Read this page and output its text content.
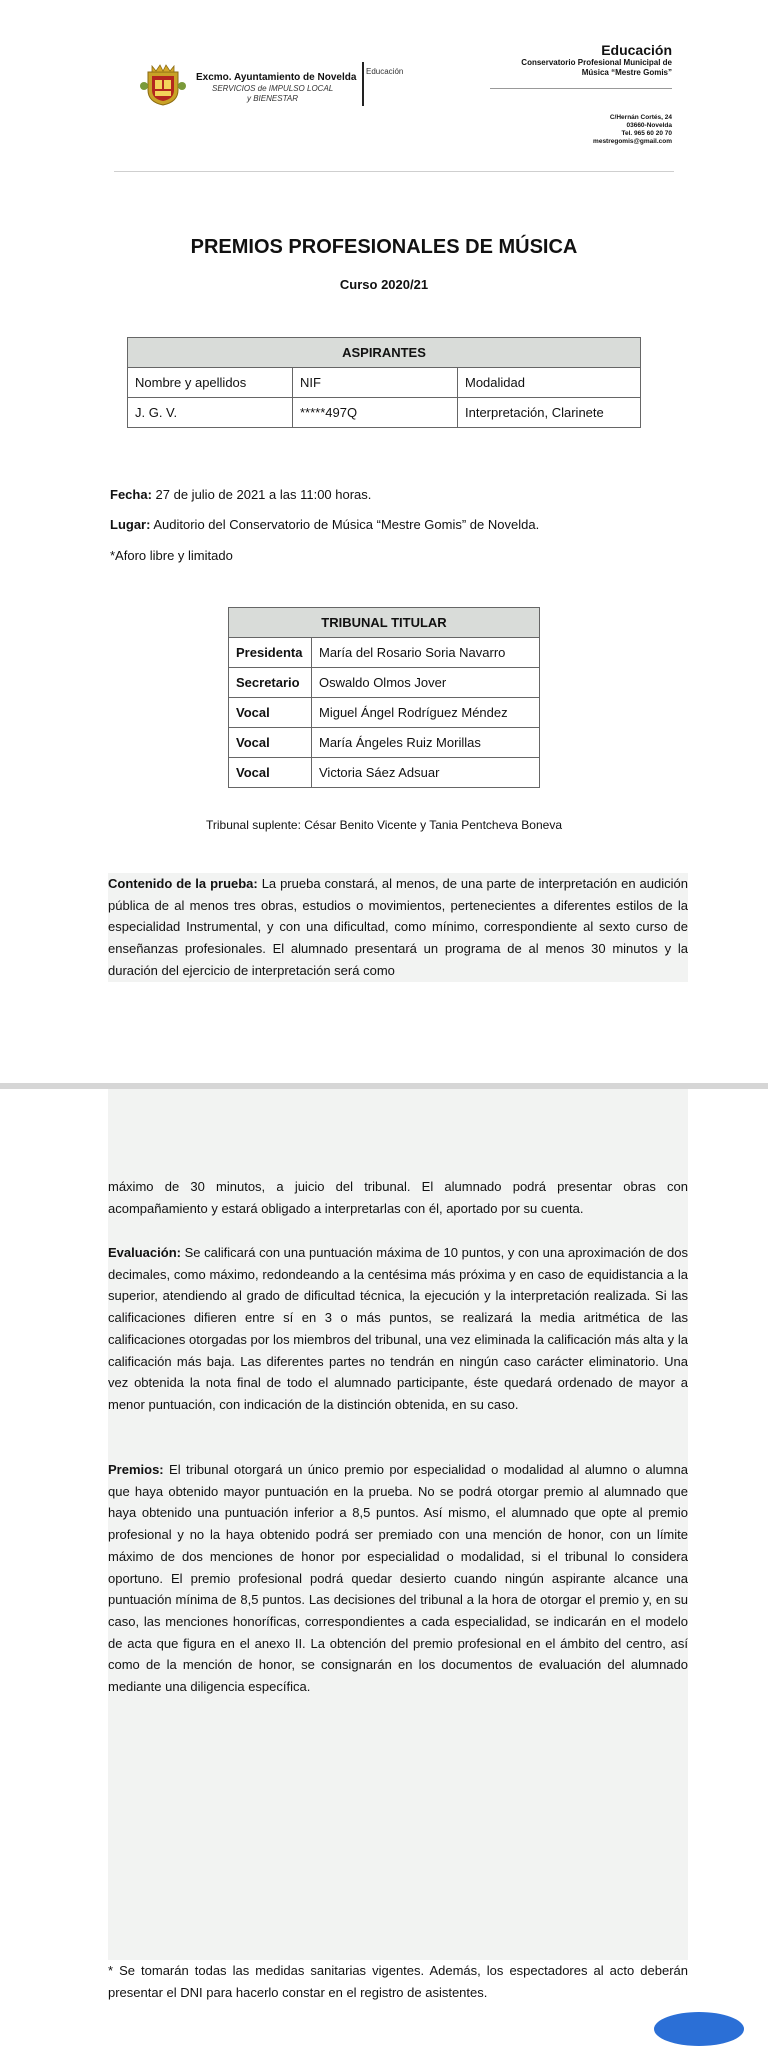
Excmo. Ayuntamiento de Novelda
SERVICIOS de IMPULSO LOCAL
y BIENESTAR
Educación
Educación
Conservatorio Profesional Municipal de
Música “Mestre Gomis”
C/Hernán Cortés, 24
03660-Novelda
Tel. 965 60 20 70
mestregomis@gmail.com
PREMIOS PROFESIONALES DE MÚSICA
Curso 2020/21
ASPIRANTES		
Nombre y apellidos	NIF	Modalidad
J. G. V.	*****497Q	Interpretación, Clarinete
Fecha: 27 de julio de 2021 a las 11:00 horas.
Lugar: Auditorio del Conservatorio de Música “Mestre Gomis” de Novelda.
*Aforo libre y limitado
TRIBUNAL TITULAR	
Presidenta	María del Rosario Soria Navarro
Secretario	Oswaldo Olmos Jover
Vocal	Miguel Ángel Rodríguez Méndez
Vocal	María Ángeles Ruiz Morillas
Vocal	Victoria Sáez Adsuar
Tribunal suplente: César Benito Vicente y Tania Pentcheva Boneva
Contenido de la prueba: La prueba constará, al menos, de una parte de interpretación en audición pública de al menos tres obras, estudios o movimientos, pertenecientes a diferentes estilos de la especialidad Instrumental, y con una dificultad, como mínimo, correspondiente al sexto curso de enseñanzas profesionales. El alumnado presentará un programa de al menos 30 minutos y la duración del ejercicio de interpretación será como
máximo de 30 minutos, a juicio del tribunal. El alumnado podrá presentar obras con acompañamiento y estará obligado a interpretarlas con él, aportado por su cuenta.
Evaluación: Se calificará con una puntuación máxima de 10 puntos, y con una aproximación de dos decimales, como máximo, redondeando a la centésima más próxima y en caso de equidistancia a la superior, atendiendo al grado de dificultad técnica, la ejecución y la interpretación realizada. Si las calificaciones difieren entre sí en 3 o más puntos, se realizará la media aritmética de las calificaciones otorgadas por los miembros del tribunal, una vez eliminada la calificación más alta y la calificación más baja. Las diferentes partes no tendrán en ningún caso carácter eliminatorio. Una vez obtenida la nota final de todo el alumnado participante, éste quedará ordenado de mayor a menor puntuación, con indicación de la distinción obtenida, en su caso.
Premios: El tribunal otorgará un único premio por especialidad o modalidad al alumno o alumna que haya obtenido mayor puntuación en la prueba. No se podrá otorgar premio al alumnado que haya obtenido una puntuación inferior a 8,5 puntos. Así mismo, el alumnado que opte al premio profesional y no la haya obtenido podrá ser premiado con una mención de honor, con un límite máximo de dos menciones de honor por especialidad o modalidad, si el tribunal lo considera oportuno. El premio profesional podrá quedar desierto cuando ningún aspirante alcance una puntuación mínima de 8,5 puntos. Las decisiones del tribunal a la hora de otorgar el premio y, en su caso, las menciones honoríficas, correspondientes a cada especialidad, se indicarán en el modelo de acta que figura en el anexo II. La obtención del premio profesional en el ámbito del centro, así como de la mención de honor, se consignarán en los documentos de evaluación del alumnado mediante una diligencia específica.
* Se tomarán todas las medidas sanitarias vigentes. Además, los espectadores al acto deberán presentar el DNI para hacerlo constar en el registro de asistentes.
